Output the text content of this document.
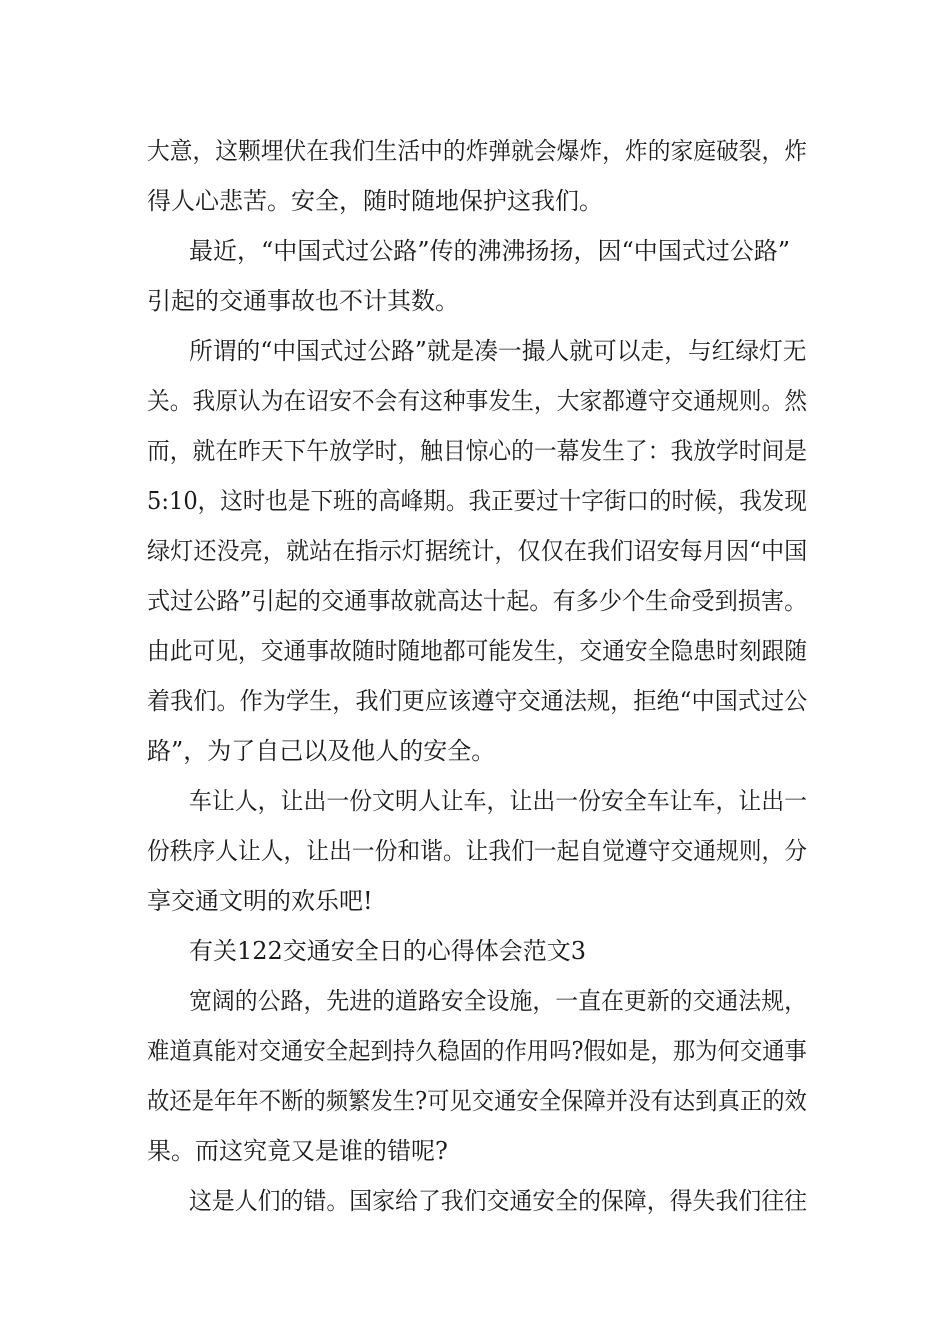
大意，这颗埋伏在我们生活中的炸弹就会爆炸，炸的家庭破裂，炸
得人心悲苦。安全，随时随地保护这我们。
最近，“中国式过公路”传的沸沸扬扬，因“中国式过公路”
引起的交通事故也不计其数。
所谓的“中国式过公路”就是凑一撮人就可以走，与红绿灯无
关。我原认为在诏安不会有这种事发生，大家都遵守交通规则。然
而，就在昨天下午放学时，触目惊心的一幕发生了：我放学时间是
5:10，这时也是下班的高峰期。我正要过十字街口的时候，我发现
绿灯还没亮，就站在指示灯据统计，仅仅在我们诏安每月因“中国
式过公路”引起的交通事故就高达十起。有多少个生命受到损害。
由此可见，交通事故随时随地都可能发生，交通安全隐患时刻跟随
着我们。作为学生，我们更应该遵守交通法规，拒绝“中国式过公
路”，为了自己以及他人的安全。
车让人，让出一份文明人让车，让出一份安全车让车，让出一
份秩序人让人，让出一份和谐。让我们一起自觉遵守交通规则，分
享交通文明的欢乐吧!
有关122交通安全日的心得体会范文3
宽阔的公路，先进的道路安全设施，一直在更新的交通法规，
难道真能对交通安全起到持久稳固的作用吗?假如是，那为何交通事
故还是年年不断的频繁发生?可见交通安全保障并没有达到真正的效
果。而这究竟又是谁的错呢?
这是人们的错。国家给了我们交通安全的保障，得失我们往往
